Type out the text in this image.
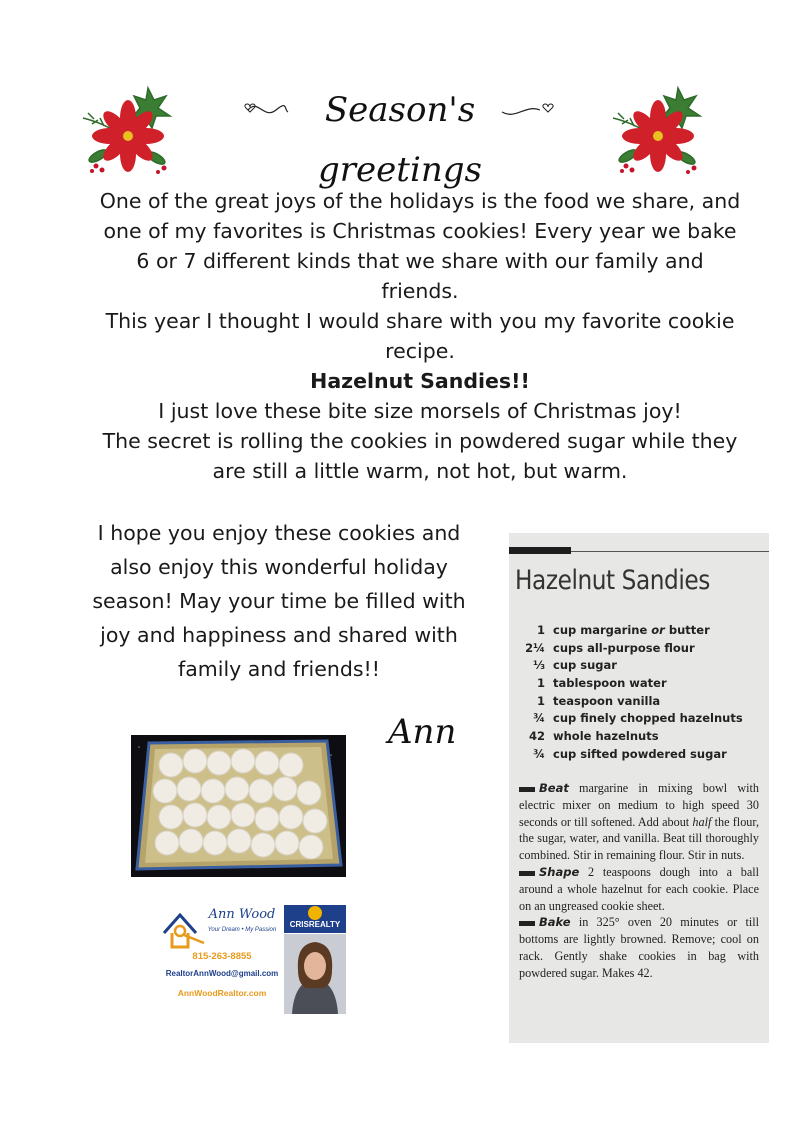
Season's greetings

One of the great joys of the holidays is the food we share, and one of my favorites is Christmas cookies! Every year we bake 6 or 7 different kinds that we share with our family and friends.

This year I thought I would share with you my favorite cookie recipe.

Hazelnut Sandies!!

I just love these bite size morsels of Christmas joy!

The secret is rolling the cookies in powdered sugar while they are still a little warm, not hot, but warm.

I hope you enjoy these cookies and also enjoy this wonderful holiday season! May your time be filled with joy and happiness and shared with family and friends!!
Ann
Ann Wood
Your Dream • My Passion
815-263-8855
RealtorAnnWood@gmail.com
AnnWoodRealtor.com
CRISREALTY
Hazelnut Sandies
1 cup margarine or butter
2¼ cups all-purpose flour
⅓ cup sugar
1 tablespoon water
1 teaspoon vanilla
¾ cup finely chopped hazelnuts
42 whole hazelnuts
¾ cup sifted powdered sugar

Beat margarine in mixing bowl with electric mixer on medium to high speed 30 seconds or till softened. Add about half the flour, the sugar, water, and vanilla. Beat till thoroughly combined. Stir in remaining flour. Stir in nuts.

Shape 2 teaspoons dough into a ball around a whole hazelnut for each cookie. Place on an ungreased cookie sheet.

Bake in 325° oven 20 minutes or till bottoms are lightly browned. Remove; cool on rack. Gently shake cookies in bag with powdered sugar. Makes 42.
